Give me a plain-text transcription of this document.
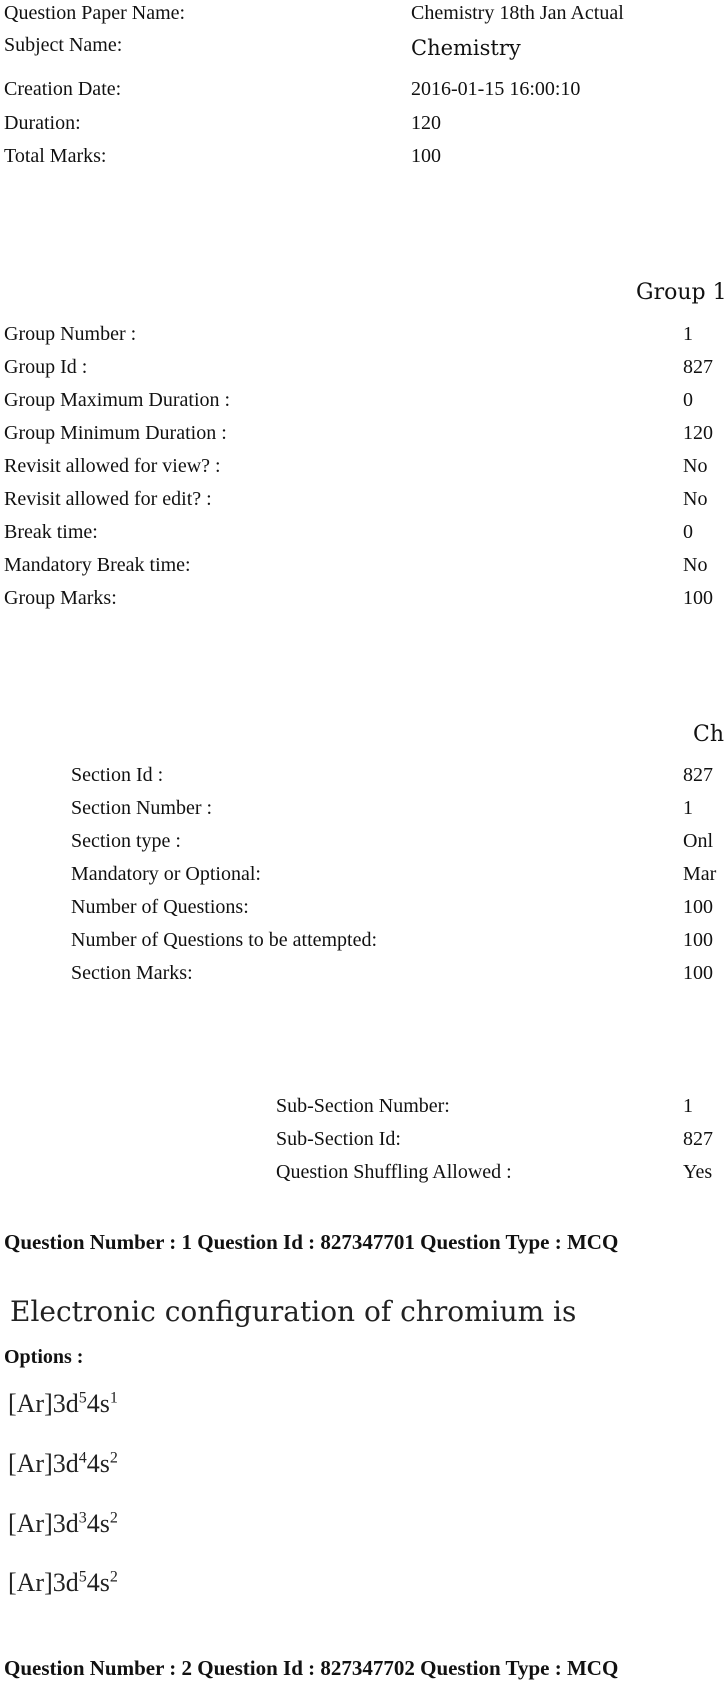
Question Paper Name:	Chemistry 18th Jan Actual
Subject Name:	Chemistry
Creation Date:	2016-01-15 16:00:10
Duration:	120
Total Marks:	100
Group 1
Group Number :	1
Group Id :	827
Group Maximum Duration :	0
Group Minimum Duration :	120
Revisit allowed for view? :	No
Revisit allowed for edit? :	No
Break time:	0
Mandatory Break time:	No
Group Marks:	100
Ch
Section Id :	827
Section Number :	1
Section type :	Onl
Mandatory or Optional:	Mar
Number of Questions:	100
Number of Questions to be attempted:	100
Section Marks:	100
Sub-Section Number:	1
Sub-Section Id:	827
Question Shuffling Allowed :	Yes
Question Number : 1 Question Id : 827347701 Question Type : MCQ
Electronic configuration of chromium is
Options :
$[Ar]3d^54s^1$
$[Ar]3d^44s^2$
$[Ar]3d^34s^2$
$[Ar]3d^54s^2$
Question Number : 2 Question Id : 827347702 Question Type : MCQ
